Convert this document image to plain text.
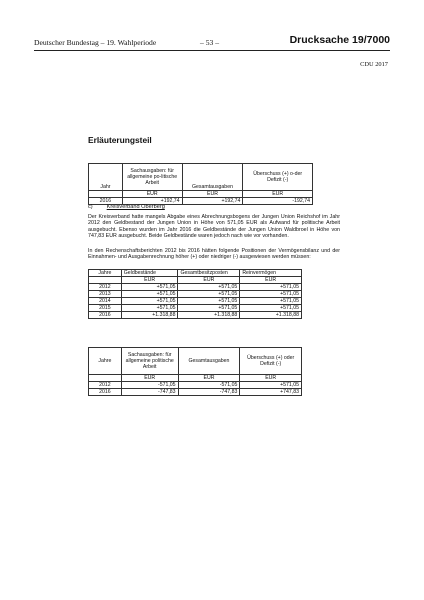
Deutscher Bundestag – 19. Wahlperiode	– 53 –	Drucksache 19/7000
CDU 2017
Erläuterungsteil
Jahr	Sachausgaben: für allgemeine po-litische Arbeit	Gesamtausgaben	Überschuss (+) o-der Defizit (-)
	EUR	EUR	EUR
2016	+192,74	+192,74	-192,74
c)	Kreisverband Oberberg
Der Kreisverband hatte mangels Abgabe eines Abrechnungsbogens der Jungen Union Reichshof im Jahr 2012 den Geldbestand der Jungen Union in Höhe von 571,05 EUR als Aufwand für politische Arbeit ausgebucht. Ebenso wurden im Jahr 2016 die Geldbestände der Jungen Union Waldbroel in Höhe von 747,83 EUR ausgebucht. Beide Geldbestände waren jedoch nach wie vor vorhanden.
In den Rechenschaftsberichten 2012 bis 2016 hätten folgende Positionen der Vermögensbilanz und der Einnahmen- und Ausgabenrechnung höher (+) oder niedriger (-) ausgewiesen werden müssen:
Jahre	Geldbestände	Gesamtbesitzposten	Reinvermögen
	EUR	EUR	EUR
2012	+571,05	+571,05	+571,05
2013	+571,05	+571,05	+571,05
2014	+571,05	+571,05	+571,05
2015	+571,05	+571,05	+571,05
2016	+1.318,88	+1.318,88	+1.318,88
Jahre	Sachausgaben: für allgemeine politische Arbeit	Gesamtausgaben	Überschuss (+) oder Defizit (-)
	EUR	EUR	EUR
2012	-571,05	-571,05	+571,05
2016	-747,83	-747,83	+747,83
